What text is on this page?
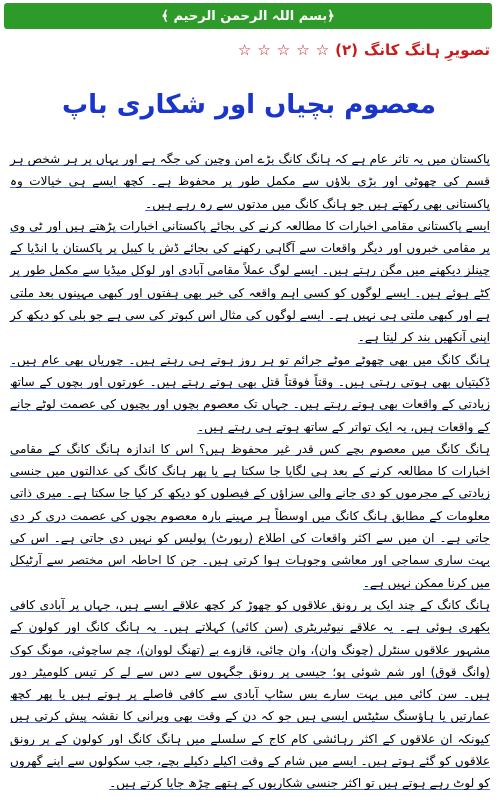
﴿بسم اللہ الرحمن الرحیم ﴾
تصویرِ ہانگ کانگ
(۲)
☆
☆
☆
☆
☆
معصوم بچیاں اور شکاری باپ

پاکستان میں یہ تاثر عام ہے کہ ہانگ کانگ بڑے امن وچین کی جگہ ہے اور یہاں پر ہر شخص ہر قسم کی چھوٹی اور بڑی بلاؤں سے مکمل طور پر محفوظ ہے۔ کچھ ایسے ہی خیالات وہ پاکستانی بھی رکھتے ہیں جو ہانگ کانگ میں مدتوں سے رہ رہے ہیں۔

ایسے پاکستانی مقامی اخبارات کا مطالعہ کرنے کی بجائے پاکستانی اخبارات پڑھتے ہیں اور ٹی وی پر مقامی خبروں اور دیگر واقعات سے آگاہی رکھنے کی بجائے ڈش یا کیبل پر پاکستان یا انڈیا کے چینلز دیکھنے میں مگن رہتے ہیں۔ ایسے لوگ عملاً مقامی آبادی اور لوکل میڈیا سے مکمل طور پر کٹے ہوئے ہیں۔ ایسے لوگوں کو کسی اہم واقعہ کی خبر بھی ہفتوں اور کبھی مہینوں بعد ملتی ہے اور کبھی ملتی ہی نہیں ہے۔ ایسے لوگوں کی مثال اس کبوتر کی سی ہے جو بلی کو دیکھ کر اپنی آنکھیں بند کر لیتا ہے۔

ہانگ کانگ میں بھی چھوٹے موٹے جرائم تو ہر روز ہوتے ہی رہتے ہیں۔ چوریاں بھی عام ہیں۔ ڈکیتیاں بھی ہوتی رہتی ہیں۔ وقتاً فوقتاً قتل بھی ہوتے رہتے ہیں۔ عورتوں اور بچوں کے ساتھ زیادتی کے واقعات بھی ہوتے رہتے ہیں۔ جہاں تک معصوم بچوں اور بچیوں کی عصمت لوٹے جانے کے واقعات ہیں، یہ ایک تواتر کے ساتھ ہوتے ہی رہتے ہیں۔

ہانگ کانگ میں معصوم بچے کس قدر غیر محفوظ ہیں؟ اس کا اندازہ ہانگ کانگ کے مقامی اخبارات کا مطالعہ کرنے کے بعد ہی لگایا جا سکتا ہے یا پھر ہانگ کانگ کی عدالتوں میں جنسی زیادتی کے مجرموں کو دی جانے والی سزاؤں کے فیصلوں کو دیکھ کر کیا جا سکتا ہے۔ میری ذاتی معلومات کے مطابق ہانگ کانگ میں اوسطاً ہر مہینے بارہ معصوم بچوں کی عصمت دری کر دی جاتی ہے۔ ان میں سے اکثر واقعات کی اطلاع (رپورٹ) پولیس کو نہیں دی جاتی ہے۔ اس کی بہت ساری سماجی اور معاشی وجوہات ہوا کرتی ہیں۔ جن کا احاطہ اس مختصر سے آرٹیکل میں کرنا ممکن نہیں ہے۔

ہانگ کانگ کے چند ایک پر رونق علاقوں کو چھوڑ کر کچھ علاقے ایسے ہیں، جہاں پر آبادی کافی بکھری ہوئی ہے۔ یہ علاقے نیوٹیریٹری (سن کائی) کہلاتے ہیں۔ یہ ہانگ کانگ اور کولون کے مشہور علاقوں سنٹرل (چونگ وان)، وان چائی، قازوے بے (تھنگ لووان)، چم ساچوئی، مونگ کوک (وانگ قوق) اور شم شوئی پو؛ جیسی پر رونق جگہوں سے دس سے لے کر تیس کلومیٹر دور ہیں۔ سن کائی میں بہت سارے بس سٹاپ آبادی سے کافی فاصلے پر ہوتے ہیں یا پھر کچھ عمارتیں یا ہاؤسنگ سٹیٹس ایسی ہیں جو کہ دن کے وقت بھی ویرانی کا نقشہ پیش کرتی ہیں کیونکہ ان علاقوں کے اکثر رہائشی کام کاج کے سلسلے میں ہانگ کانگ اور کولون کے پر رونق علاقوں کو گئے ہوتے ہیں۔ ایسے میں شام کے وقت اکیلے دکیلے بچے، جب سکولوں سے اپنے گھروں کو لوٹ رہے ہوتے ہیں تو اکثر جنسی شکاریوں کے ہتھے چڑھ جایا کرتے ہیں۔
